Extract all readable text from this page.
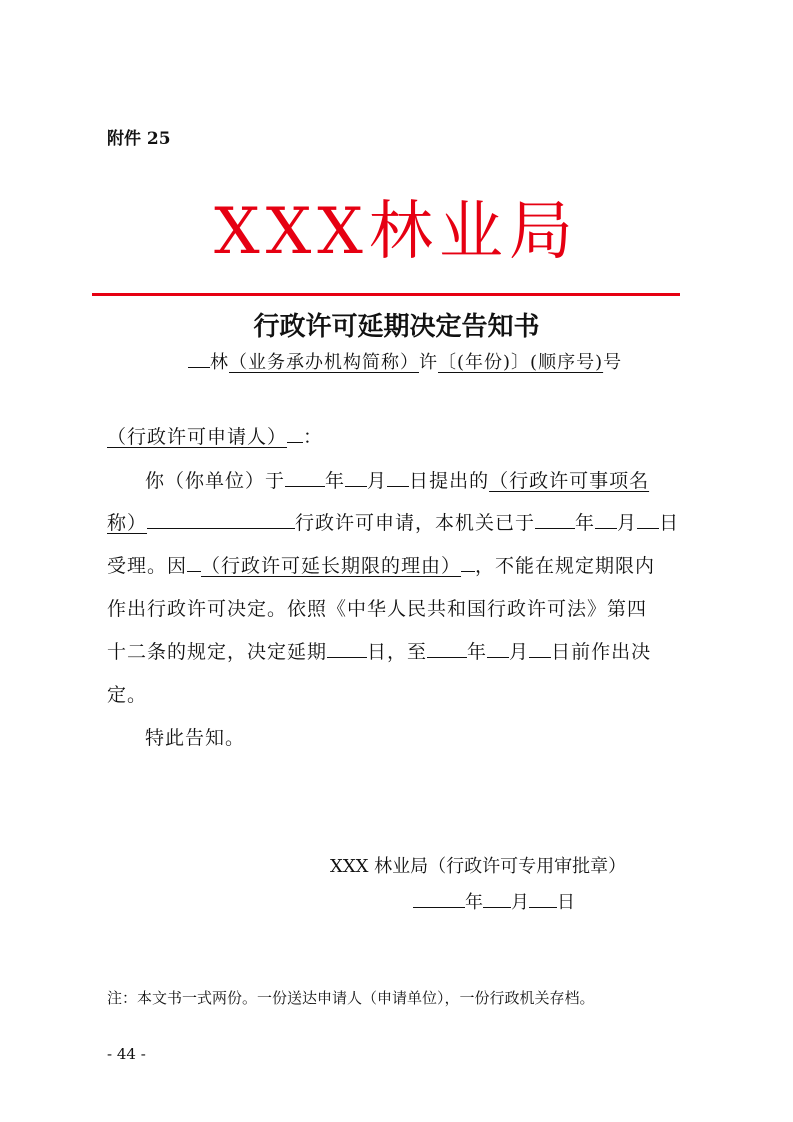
附件 25
XXX林业局
行政许可延期决定告知书
林（业务承办机构简称）许〔(年份)〕(顺序号)号
（行政许可申请人） ：
你（你单位）于 年 月 日提出的（行政许可事项名
称）	行政许可申请，本机关已于 年 月 日
受理。因 （行政许可延长期限的理由） ，不能在规定期限内
作出行政许可决定。依照《中华人民共和国行政许可法》第四
十二条的规定，决定延期 日，至 年 月 日前作出决
定。
特此告知。
XXX 林业局（行政许可专用审批章）
年 月 日
注：本文书一式两份。一份送达申请人（申请单位），一份行政机关存档。
- 44 -
